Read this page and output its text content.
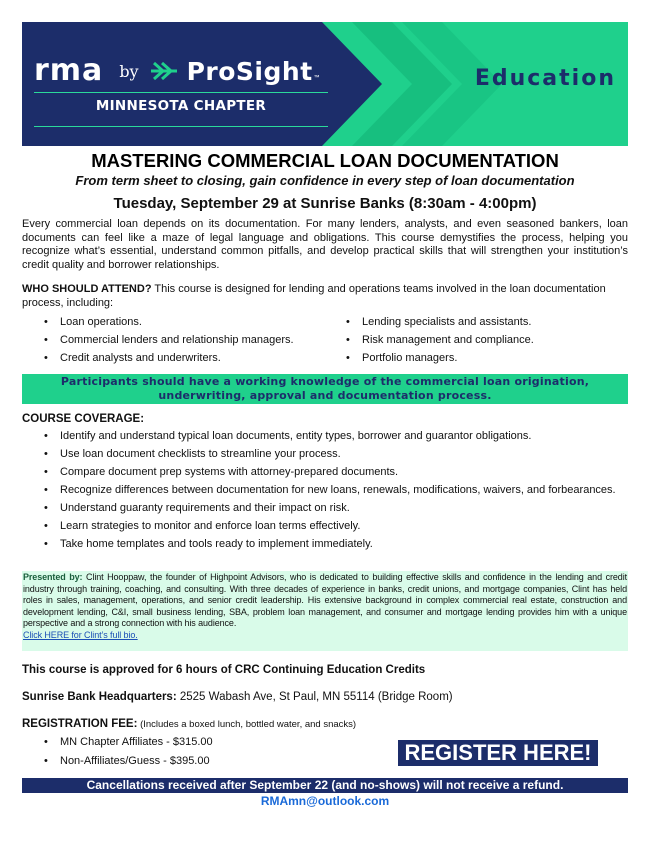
rma by ProSight ™
MINNESOTA CHAPTER
Education
MASTERING COMMERCIAL LOAN DOCUMENTATION
From term sheet to closing, gain confidence in every step of loan documentation
Tuesday, September 29 at Sunrise Banks (8:30am - 4:00pm)
Every commercial loan depends on its documentation. For many lenders, analysts, and even seasoned bankers, loan documents can feel like a maze of legal language and obligations. This course demystifies the process, helping you recognize what’s essential, understand common pitfalls, and develop practical skills that will strengthen your institution’s credit quality and borrower relationships.
WHO SHOULD ATTEND? This course is designed for lending and operations teams involved in the loan documentation process, including:
• Loan operations.
• Commercial lenders and relationship managers.
• Credit analysts and underwriters.
• Lending specialists and assistants.
• Risk management and compliance.
• Portfolio managers.
Participants should have a working knowledge of the commercial loan origination,
underwriting, approval and documentation process.
COURSE COVERAGE:
• Identify and understand typical loan documents, entity types, borrower and guarantor obligations.
• Use loan document checklists to streamline your process.
• Compare document prep systems with attorney-prepared documents.
• Recognize differences between documentation for new loans, renewals, modifications, waivers, and forbearances.
• Understand guaranty requirements and their impact on risk.
• Learn strategies to monitor and enforce loan terms effectively.
• Take home templates and tools ready to implement immediately.
Presented by: Clint Hooppaw, the founder of Highpoint Advisors, who is dedicated to building effective skills and confidence in the lending and credit industry through training, coaching, and consulting. With three decades of experience in banks, credit unions, and mortgage companies, Clint has held roles in sales, management, operations, and senior credit leadership. His extensive background in complex commercial real estate, construction and development lending, C&I, small business lending, SBA, problem loan management, and consumer and mortgage lending provides him with a unique perspective and a strong connection with his audience.
Click HERE for Clint’s full bio.
This course is approved for 6 hours of CRC Continuing Education Credits
Sunrise Bank Headquarters: 2525 Wabash Ave, St Paul, MN 55114 (Bridge Room)
REGISTRATION FEE: (Includes a boxed lunch, bottled water, and snacks)
• MN Chapter Affiliates - $315.00
• Non-Affiliates/Guess - $395.00	REGISTER HERE!
Cancellations received after September 22 (and no-shows) will not receive a refund.
RMAmn@outlook.com
